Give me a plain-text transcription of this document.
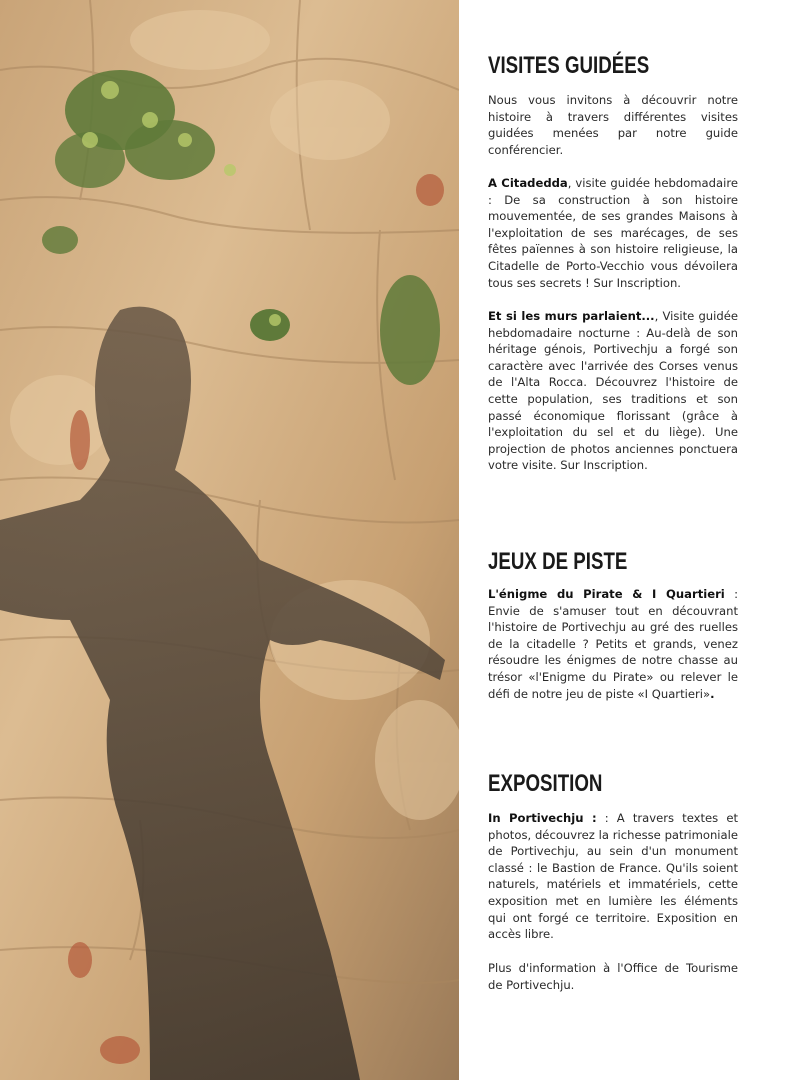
VISITES GUIDÉES

Nous vous invitons à découvrir notre histoire à travers différentes visites guidées menées par notre guide conférencier.

A Citadedda, visite guidée hebdomadaire : De sa construction à son histoire mouvementée, de ses grandes Maisons à l'exploitation de ses marécages, de ses fêtes païennes à son histoire religieuse, la Citadelle de Porto-Vecchio vous dévoilera tous ses secrets ! Sur Inscription.

Et si les murs parlaient..., Visite guidée hebdomadaire nocturne : Au-delà de son héritage génois, Portivechju a forgé son caractère avec l'arrivée des Corses venus de l'Alta Rocca. Découvrez l'histoire de cette population, ses traditions et son passé économique florissant (grâce à l'exploitation du sel et du liège). Une projection de photos anciennes ponctuera votre visite. Sur Inscription.

JEUX DE PISTE

L'énigme du Pirate & I Quartieri : Envie de s'amuser tout en découvrant l'histoire de Portivechju au gré des ruelles de la citadelle ? Petits et grands, venez résoudre les énigmes de notre chasse au trésor «l'Enigme du Pirate» ou relever le défi de notre jeu de piste «I Quartieri».

EXPOSITION

In Portivechju : : A travers textes et photos, découvrez la richesse patrimoniale de Portivechju, au sein d'un monument classé : le Bastion de France. Qu'ils soient naturels, matériels et immatériels, cette exposition met en lumière les éléments qui ont forgé ce territoire. Exposition en accès libre.

Plus d'information à l'Office de Tourisme de Portivechju.
